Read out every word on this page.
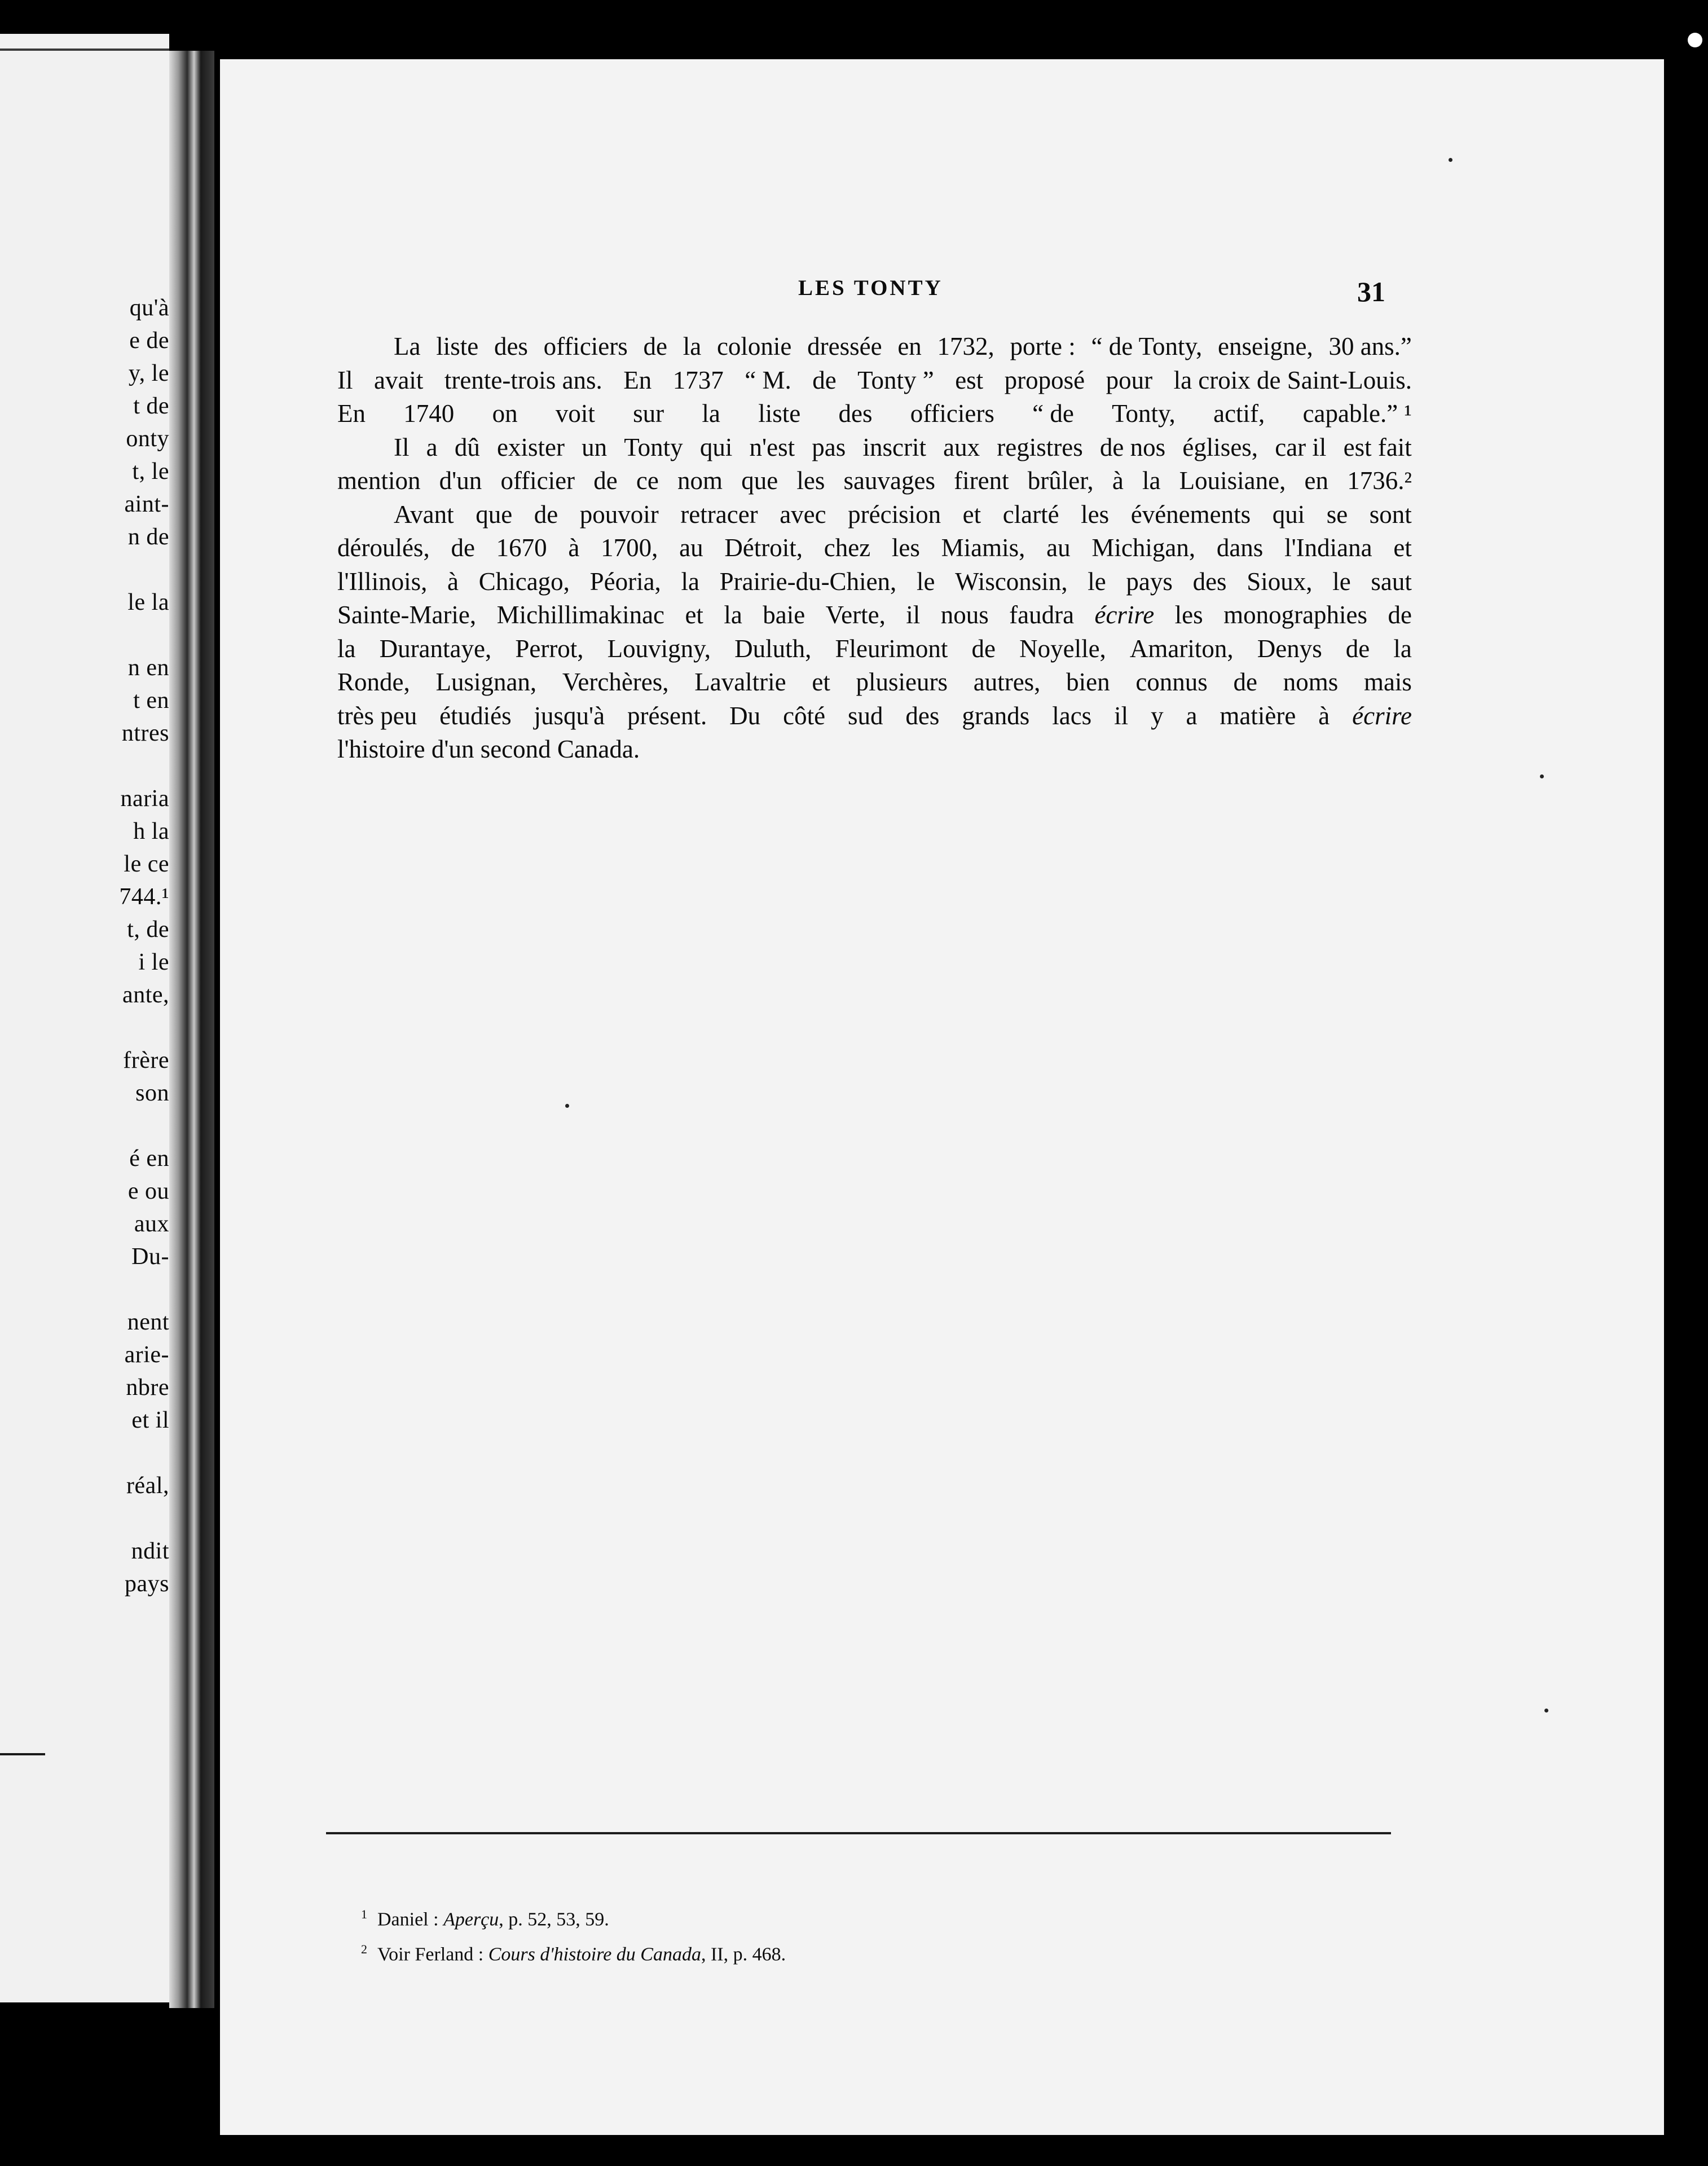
qu'à
e de
y, le
t de
onty
t, le
aint-
n de
le la
n en
t en
ntres
naria
h la
le ce
744.¹
t, de
i le
ante,
frère
son
é en
e ou
aux
Du-
nent
arie-
nbre
et il
réal,
ndit
pays
LES TONTY	31
La liste des officiers de la colonie dressée en 1732, porte : “ de Tonty, enseigne, 30 ans.”
Il avait trente-trois ans. En 1737 “ M. de Tonty ” est proposé pour la croix de Saint-Louis.
En 1740 on voit sur la liste des officiers “ de Tonty, actif, capable.” ¹
Il a dû exister un Tonty qui n'est pas inscrit aux registres de nos églises, car il est fait
mention d'un officier de ce nom que les sauvages firent brûler, à la Louisiane, en 1736.²
Avant que de pouvoir retracer avec précision et clarté les événements qui se sont
déroulés, de 1670 à 1700, au Détroit, chez les Miamis, au Michigan, dans l'Indiana et
l'Illinois, à Chicago, Péoria, la Prairie-du-Chien, le Wisconsin, le pays des Sioux, le saut
Sainte-Marie, Michillimakinac et la baie Verte, il nous faudra écrire les monographies de
la Durantaye, Perrot, Louvigny, Duluth, Fleurimont de Noyelle, Amariton, Denys de la
Ronde, Lusignan, Verchères, Lavaltrie et plusieurs autres, bien connus de noms mais
très peu étudiés jusqu'à présent. Du côté sud des grands lacs il y a matière à écrire
l'histoire d'un second Canada.
$^1$ Daniel : Aperçu, p. 52, 53, 59.
$^2$ Voir Ferland : Cours d'histoire du Canada, II, p. 468.
